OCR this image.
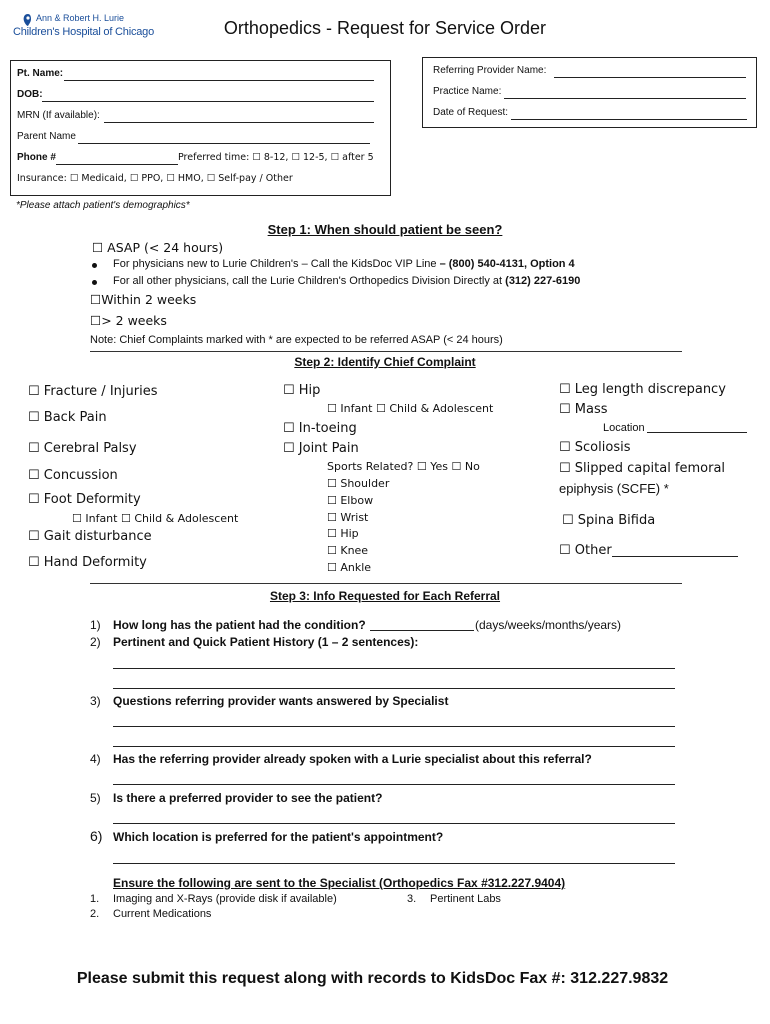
Ann & Robert H. Lurie
Children's Hospital of Chicago	Orthopedics - Request for Service Order
Pt. Name:
DOB:
MRN (If available):
Parent Name
Phone #	Preferred time: ☐ 8-12, ☐ 12-5, ☐ after 5
Insurance: ☐ Medicaid, ☐ PPO, ☐ HMO, ☐ Self-pay / Other
Referring Provider Name:
Practice Name:
Date of Request:
*Please attach patient's demographics*
Step 1: When should patient be seen?
☐ ASAP (< 24 hours)
For physicians new to Lurie Children's – Call the KidsDoc VIP Line – (800) 540-4131, Option 4
For all other physicians, call the Lurie Children's Orthopedics Division Directly at (312) 227-6190
☐Within 2 weeks
☐> 2 weeks
Note: Chief Complaints marked with * are expected to be referred ASAP (< 24 hours)
Step 2: Identify Chief Complaint
☐ Fracture / Injuries
☐ Back Pain
☐ Cerebral Palsy
☐ Concussion
☐ Foot Deformity
☐ Infant ☐ Child & Adolescent
☐ Gait disturbance
☐ Hand Deformity
☐ Hip
☐ Infant ☐ Child & Adolescent
☐ In-toeing
☐ Joint Pain
Sports Related? ☐ Yes ☐ No
☐ Shoulder
☐ Elbow
☐ Wrist
☐ Hip
☐ Knee
☐ Ankle
☐ Leg length discrepancy
☐ Mass
Location
☐ Scoliosis
☐ Slipped capital femoral
epiphysis (SCFE) *
☐ Spina Bifida
☐ Other
Step 3: Info Requested for Each Referral
1) How long has the patient had the condition?	(days/weeks/months/years)
2) Pertinent and Quick Patient History (1 – 2 sentences):
3) Questions referring provider wants answered by Specialist
4) Has the referring provider already spoken with a Lurie specialist about this referral?
5) Is there a preferred provider to see the patient?
6) Which location is preferred for the patient's appointment?
Ensure the following are sent to the Specialist (Orthopedics Fax #312.227.9404)
1. Imaging and X-Rays (provide disk if available)	3. Pertinent Labs
2. Current Medications
Please submit this request along with records to KidsDoc Fax #: 312.227.9832
